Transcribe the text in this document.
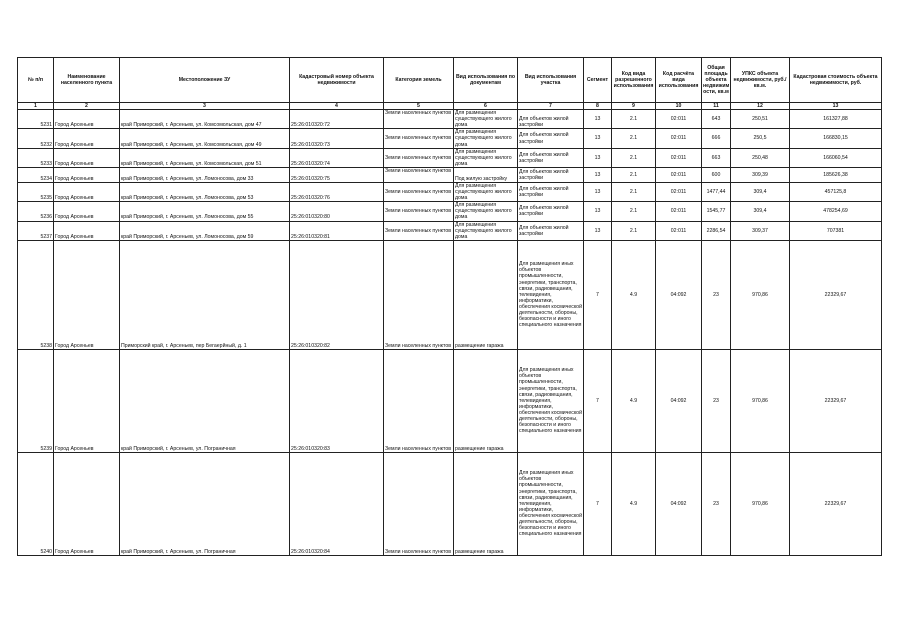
№ п/п	Наименование населенного пункта	Местоположение ЗУ	Кадастровый номер объекта недвижимости	Категория земель	Вид использования по документам	Вид использования участка	Сегмент	Код вида разрешенного использования	Код расчёта вида использования	Общая площадь объекта недвижим ости, кв.м	УПКС объекта недвижимости, руб./кв.м.	Кадастровая стоимость объекта недвижимости, руб.
1	2	3	4	5	6	7	8	9	10	11	12	13
5231	Город Арсеньев	край Приморский, г. Арсеньев, ул. Комсомольская, дом 47	25:26:010320:72	Земли населенных пунктов	Для размещения существующего жилого дома	Для объектов жилой застройки	13	2.1	02:011	643	250,51	161327,88
5232	Город Арсеньев	край Приморский, г. Арсеньев, ул. Комсомольская, дом 49	25:26:010320:73	Земли населенных пунктов	Для размещения существующего жилого дома	Для объектов жилой застройки	13	2.1	02:011	666	250,5	166830,15
5233	Город Арсеньев	край Приморский, г. Арсеньев, ул. Комсомольская, дом 51	25:26:010320:74	Земли населенных пунктов	Для размещения существующего жилого дома	Для объектов жилой застройки	13	2.1	02:011	663	250,48	166060,54
5234	Город Арсеньев	край Приморский, г. Арсеньев, ул. Ломоносова, дом 33	25:26:010320:75	Земли населенных пунктов	Под жилую застройку	Для объектов жилой застройки	13	2.1	02:011	600	309,39	185626,38
5235	Город Арсеньев	край Приморский, г. Арсеньев, ул. Ломоносова, дом 53	25:26:010320:76	Земли населенных пунктов	Для размещения существующего жилого дома	Для объектов жилой застройки	13	2.1	02:011	1477,44	309,4	457125,8
5236	Город Арсеньев	край Приморский, г. Арсеньев, ул. Ломоносова, дом 55	25:26:010320:80	Земли населенных пунктов	Для размещения существующего жилого дома	Для объектов жилой застройки	13	2.1	02:011	1545,77	309,4	478254,69
5237	Город Арсеньев	край Приморский, г. Арсеньев, ул. Ломоносова, дом 59	25:26:010320:81	Земли населенных пунктов	Для размещения существующего жилого дома	Для объектов жилой застройки	13	2.1	02:011	2286,54	309,37	707381
5238	Город Арсеньев	Приморский край, г. Арсеньев, пер Бегаерйный, д. 1	25:26:010320:82	Земли населенных пунктов	размещение гаража	Для размещения иных объектов промышленности, энергетики, транспорта, связи, радиовещания, телевидения, информатики, обеспечения космической деятельности, обороны, безопасности и иного специального назначения	7	4.9	04:092	23	970,86	22329,67
5239	Город Арсеньев	край Приморский, г. Арсеньев, ул. Пограничная	25:26:010320:83	Земли населенных пунктов	размещение гаража	Для размещения иных объектов промышленности, энергетики, транспорта, связи, радиовещания, телевидения, информатики, обеспечения космической деятельности, обороны, безопасности и иного специального назначения	7	4.9	04:092	23	970,86	22329,67
5240	Город Арсеньев	край Приморский, г. Арсеньев, ул. Пограничная	25:26:010320:84	Земли населенных пунктов	размещение гаража	Для размещения иных объектов промышленности, энергетики, транспорта, связи, радиовещания, телевидения, информатики, обеспечения космической деятельности, обороны, безопасности и иного специального назначения	7	4.9	04:092	23	970,86	22329,67
